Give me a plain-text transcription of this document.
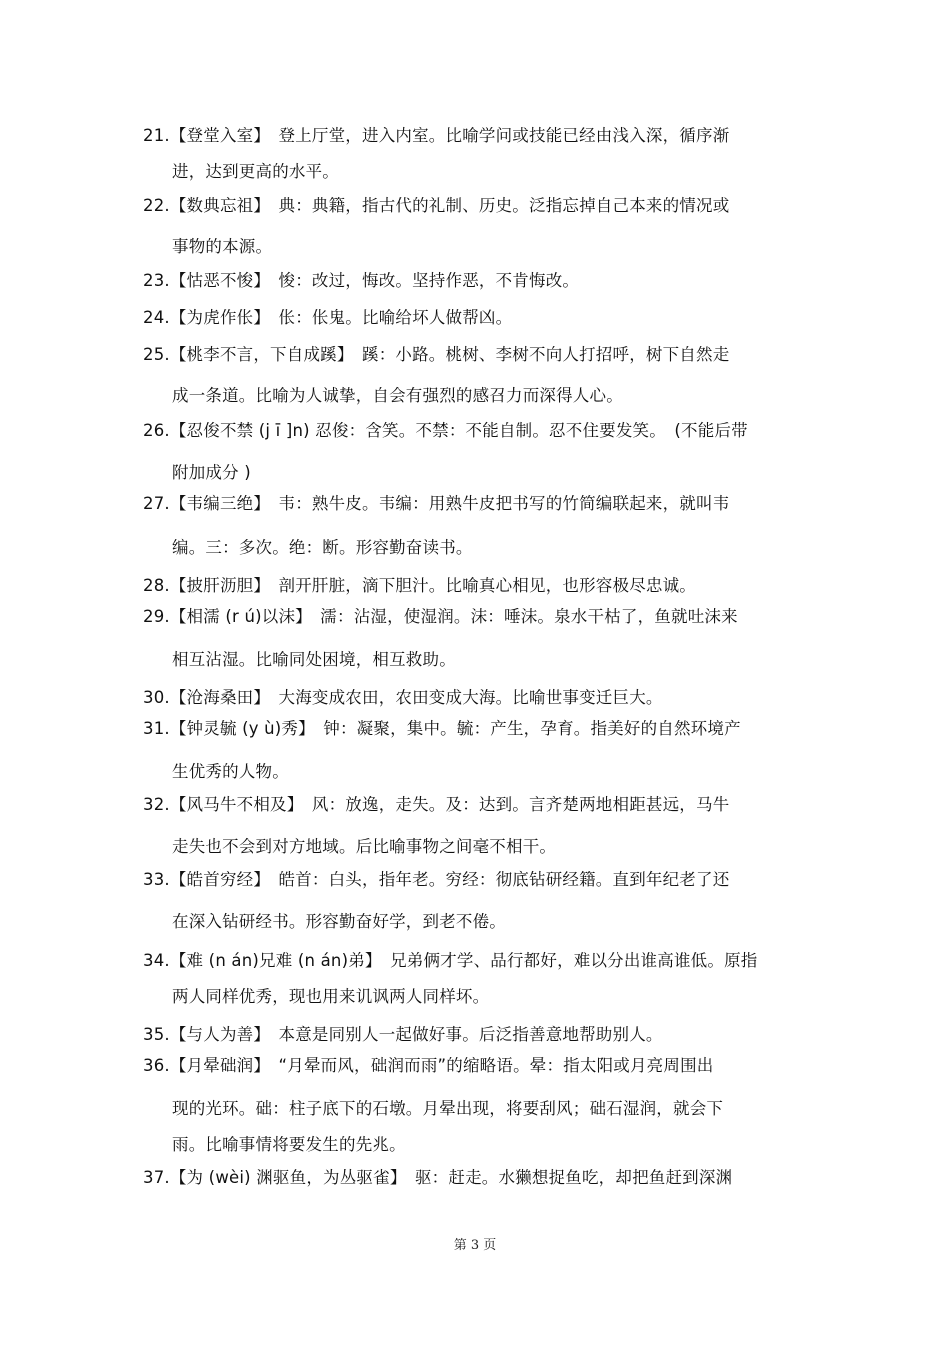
21.【登堂入室】　登上厅堂，进入内室。比喻学问或技能已经由浅入深，循序渐
进，达到更高的水平。
22.【数典忘祖】　典：典籍，指古代的礼制、历史。泛指忘掉自己本来的情况或
事物的本源。
23.【怙恶不悛】　悛：改过，悔改。坚持作恶，不肯悔改。
24.【为虎作伥】　伥：伥鬼。比喻给坏人做帮凶。
25.【桃李不言，下自成蹊】　蹊：小路。桃树、李树不向人打招呼，树下自然走
成一条道。比喻为人诚挚，自会有强烈的感召力而深得人心。
26.【忍俊不禁 (j ī ]n) 忍俊：含笑。不禁：不能自制。忍不住要发笑。　(不能后带
附加成分 )
27.【韦编三绝】　韦：熟牛皮。韦编：用熟牛皮把书写的竹简编联起来，就叫韦
编。三：多次。绝：断。形容勤奋读书。
28.【披肝沥胆】　剖开肝脏，滴下胆汁。比喻真心相见，也形容极尽忠诚。
29.【相濡 (r ú)以沫】　濡：沾湿，使湿润。沫：唾沫。泉水干枯了，鱼就吐沫来
相互沾湿。比喻同处困境，相互救助。
30.【沧海桑田】　大海变成农田，农田变成大海。比喻世事变迁巨大。
31.【钟灵毓 (y ù)秀】　钟：凝聚，集中。毓：产生，孕育。指美好的自然环境产
生优秀的人物。
32.【风马牛不相及】　风：放逸，走失。及：达到。言齐楚两地相距甚远，马牛
走失也不会到对方地域。后比喻事物之间毫不相干。
33.【皓首穷经】　皓首：白头，指年老。穷经：彻底钻研经籍。直到年纪老了还
在深入钻研经书。形容勤奋好学，到老不倦。
34.【难 (n án)兄难 (n án)弟】　兄弟俩才学、品行都好，难以分出谁高谁低。原指
两人同样优秀，现也用来讥讽两人同样坏。
35.【与人为善】　本意是同别人一起做好事。后泛指善意地帮助别人。
36.【月晕础润】　“月晕而风，础润而雨”的缩略语。晕：指太阳或月亮周围出
现的光环。础：柱子底下的石墩。月晕出现，将要刮风；础石湿润，就会下
雨。比喻事情将要发生的先兆。
37.【为 (wèi) 渊驱鱼，为丛驱雀】　驱：赶走。水獭想捉鱼吃，却把鱼赶到深渊
第 3 页
